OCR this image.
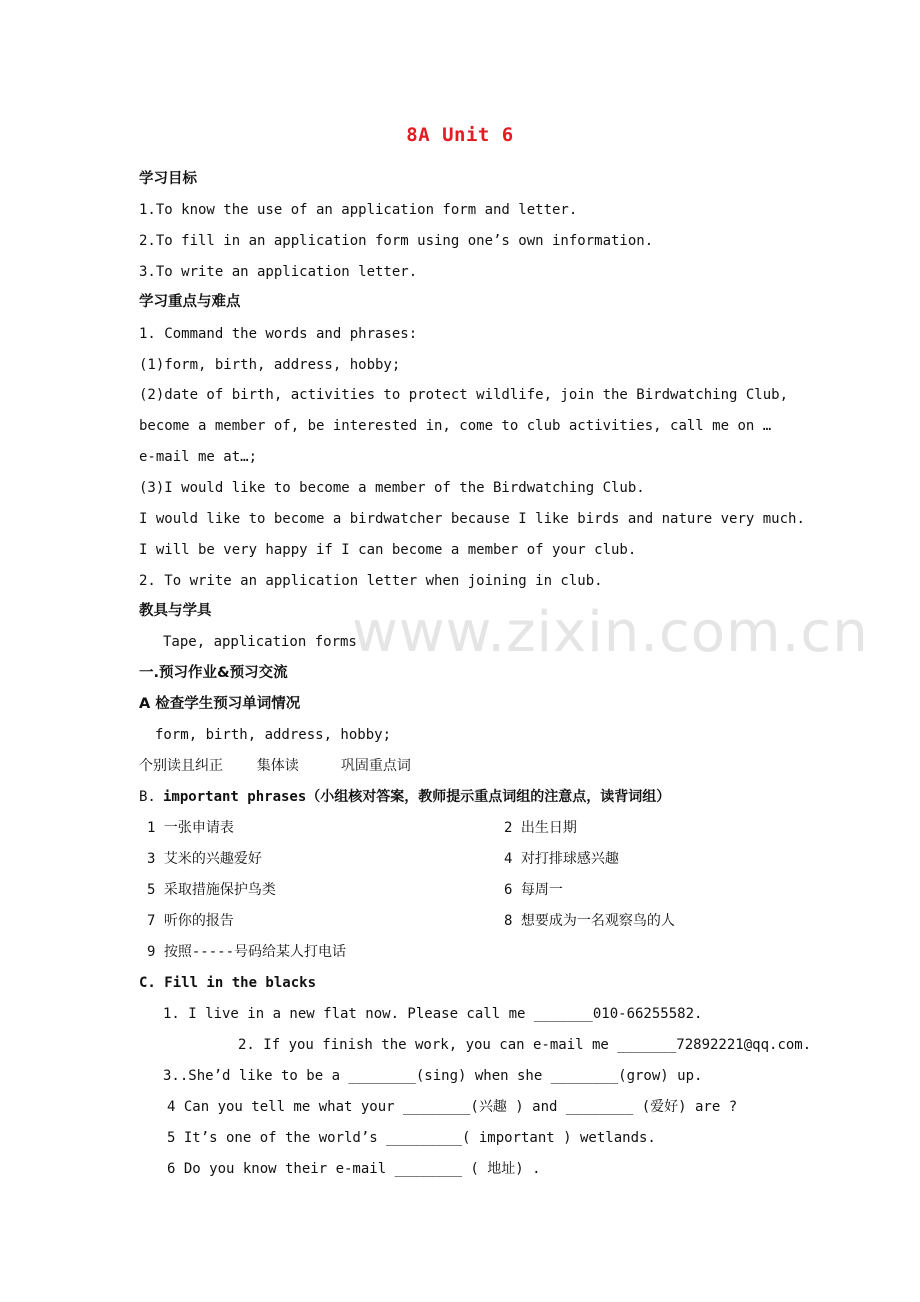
www.zixin.com.cn
8A Unit 6
学习目标
1.To know the use of an application form and letter.
2.To fill in an application form using one’s own information.
3.To write an application letter.
学习重点与难点
1. Command the words and phrases:
(1)form, birth, address, hobby;
(2)date of birth, activities to protect wildlife, join the Birdwatching Club,
become a member of, be interested in, come to club activities, call me on …
e-mail me at…;
(3)I would like to become a member of the Birdwatching Club.
I would like to become a birdwatcher because I like birds and nature very much.
I will be very happy if I can become a member of your club.
2. To write an application letter when joining in club.
教具与学具
Tape, application forms
一.预习作业&预习交流
A 检查学生预习单词情况
form, birth, address, hobby;
个别读且纠正    集体读     巩固重点词
B. important phrases（小组核对答案，教师提示重点词组的注意点，读背词组）
1 一张申请表	2 出生日期
3 艾米的兴趣爱好	4 对打排球感兴趣
5 采取措施保护鸟类	6 每周一
7 听你的报告	8 想要成为一名观察鸟的人
9 按照-----号码给某人打电话
C. Fill in the blacks
1. I live in a new flat now. Please call me _______010-66255582.
2. If you finish the work, you can e-mail me _______72892221@qq.com.
3..She’d like to be a ________(sing) when she ________(grow) up.
4 Can you tell me what your ________(兴趣 ) and ________ (爱好) are ?
5 It’s one of the world’s _________( important ) wetlands.
6 Do you know their e-mail ________ ( 地址) .
